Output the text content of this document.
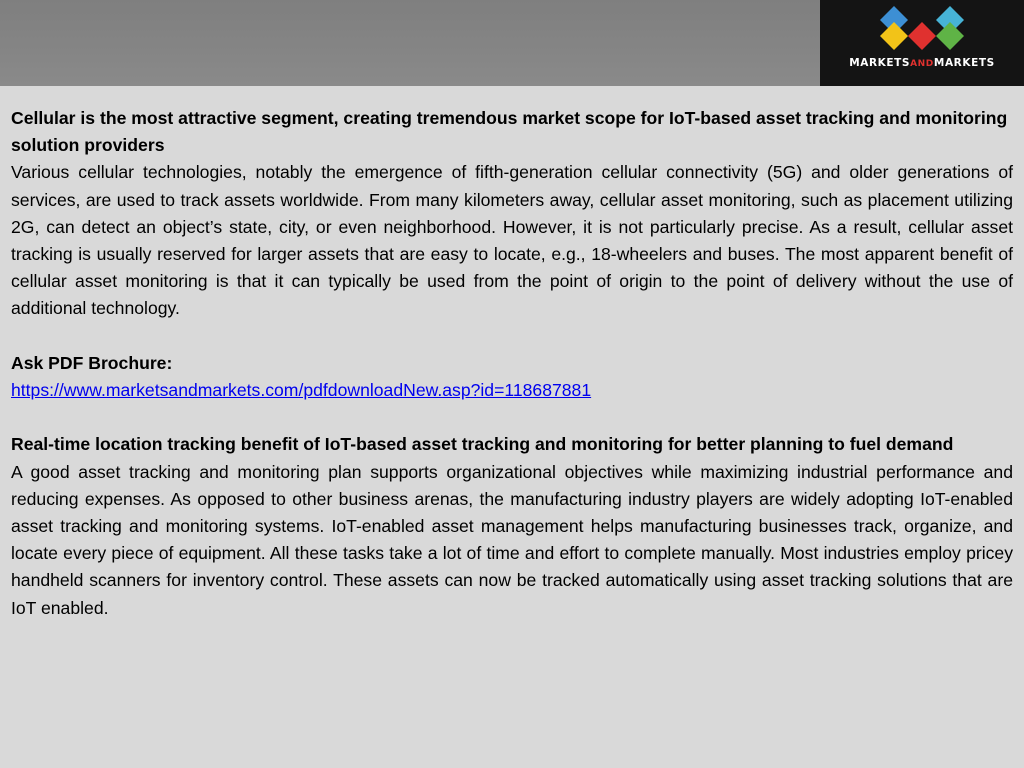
MARKETSANDMARKETS

Cellular is the most attractive segment, creating tremendous market scope for IoT-based asset tracking and monitoring solution providers

Various cellular technologies, notably the emergence of fifth-generation cellular connectivity (5G) and older generations of services, are used to track assets worldwide. From many kilometers away, cellular asset monitoring, such as placement utilizing 2G, can detect an object’s state, city, or even neighborhood. However, it is not particularly precise. As a result, cellular asset tracking is usually reserved for larger assets that are easy to locate, e.g., 18-wheelers and buses. The most apparent benefit of cellular asset monitoring is that it can typically be used from the point of origin to the point of delivery without the use of additional technology.

Ask PDF Brochure:

https://www.marketsandmarkets.com/pdfdownloadNew.asp?id=118687881

Real-time location tracking benefit of IoT-based asset tracking and monitoring for better planning to fuel demand

A good asset tracking and monitoring plan supports organizational objectives while maximizing industrial performance and reducing expenses. As opposed to other business arenas, the manufacturing industry players are widely adopting IoT-enabled asset tracking and monitoring systems. IoT-enabled asset management helps manufacturing businesses track, organize, and locate every piece of equipment. All these tasks take a lot of time and effort to complete manually. Most industries employ pricey handheld scanners for inventory control. These assets can now be tracked automatically using asset tracking solutions that are IoT enabled.
